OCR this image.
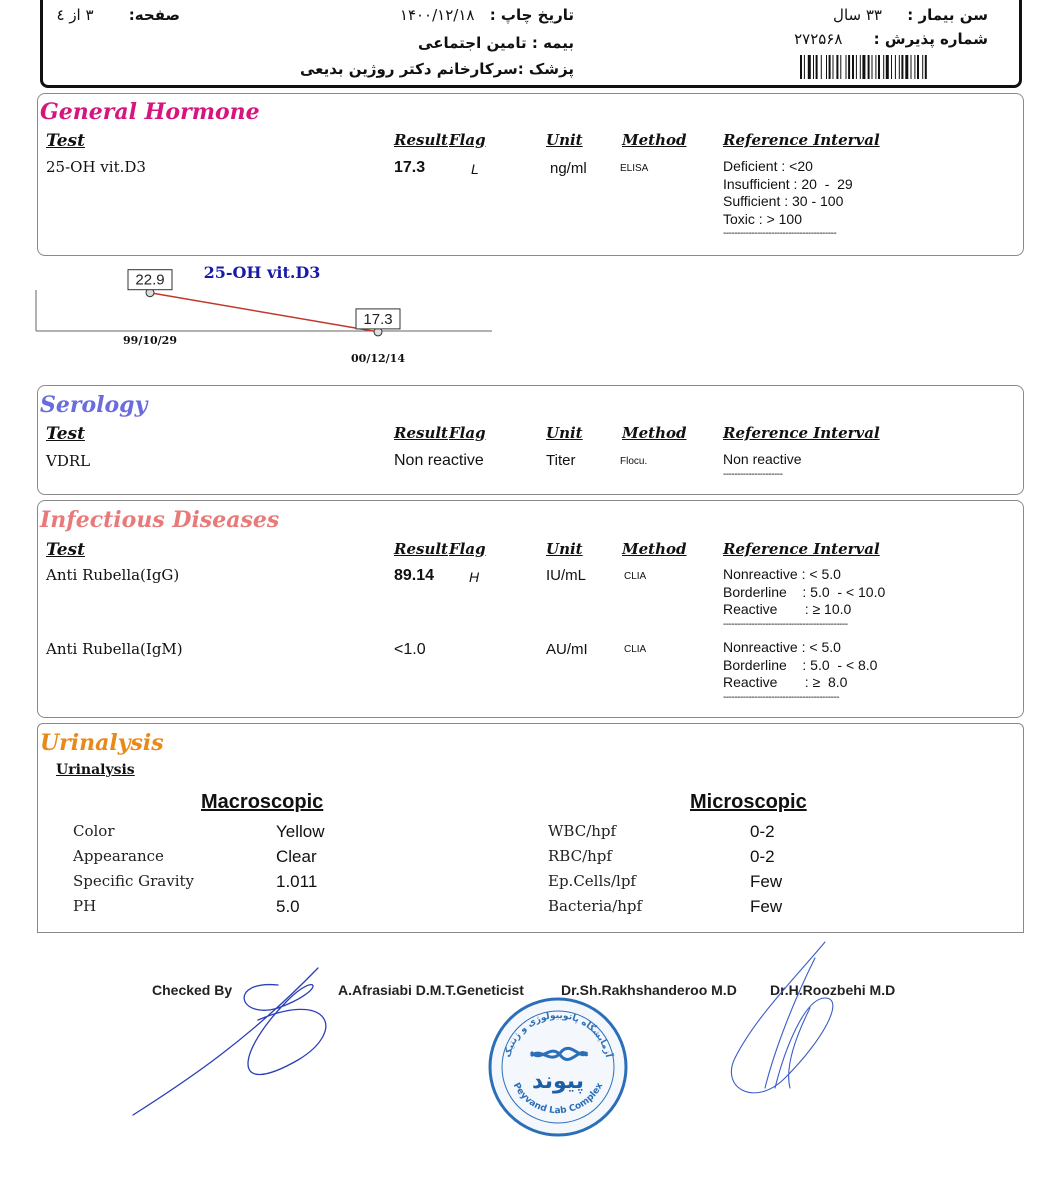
سن بیمار : ۳۳ سال
شماره پذیرش : ۲۷۲۵۶۸
تاریخ چاپ : ۱۴۰۰/۱۲/۱۸
بیمه : تامین اجتماعی
پزشک :سرکارخانم دکتر روژین بدیعی
صفحه: ۳ از ٤
General Hormone
Test	Result Flag	Unit	Method Reference Interval
25-OH vit.D3	17.3	L	ng/ml	ELISA	Deficient : <20
Insufficient : 20  -  29
Sufficient : 30 - 100
Toxic : > 100
----------------------------------------
25-OH vit.D3
22.9
99/10/29
17.3
00/12/14
Serology
Test	Result Flag	Unit	Method Reference Interval
VDRL	Non reactive	Titer	Flocu.	Non reactive
---------------------
Infectious Diseases
Test	Result Flag	Unit	Method Reference Interval
Anti Rubella(IgG)	89.14 H	IU/mL	CLIA	Nonreactive : < 5.0
Borderline    : 5.0  - < 10.0
Reactive       : ≥ 10.0
--------------------------------------------
Anti Rubella(IgM)	<1.0	AU/mI	CLIA	Nonreactive : < 5.0
Borderline    : 5.0  - < 8.0
Reactive       : ≥  8.0
-----------------------------------------
Urinalysis
Urinalysis
Macroscopic	Microscopic
Color	Yellow
Appearance	Clear
Specific Gravity	1.011
PH	5.0
WBC/hpf	0-2
RBC/hpf	0-2
Ep.Cells/lpf	Few
Bacteria/hpf	Few
Checked By	A.Afrasiabi D.M.T.Geneticist	Dr.Sh.Rakhshanderoo M.D Dr.H.Roozbehi M.D
آزمایشگاه پاتوبیولوژی و ژنتیک
Peyvand Lab Complex
پیوند
